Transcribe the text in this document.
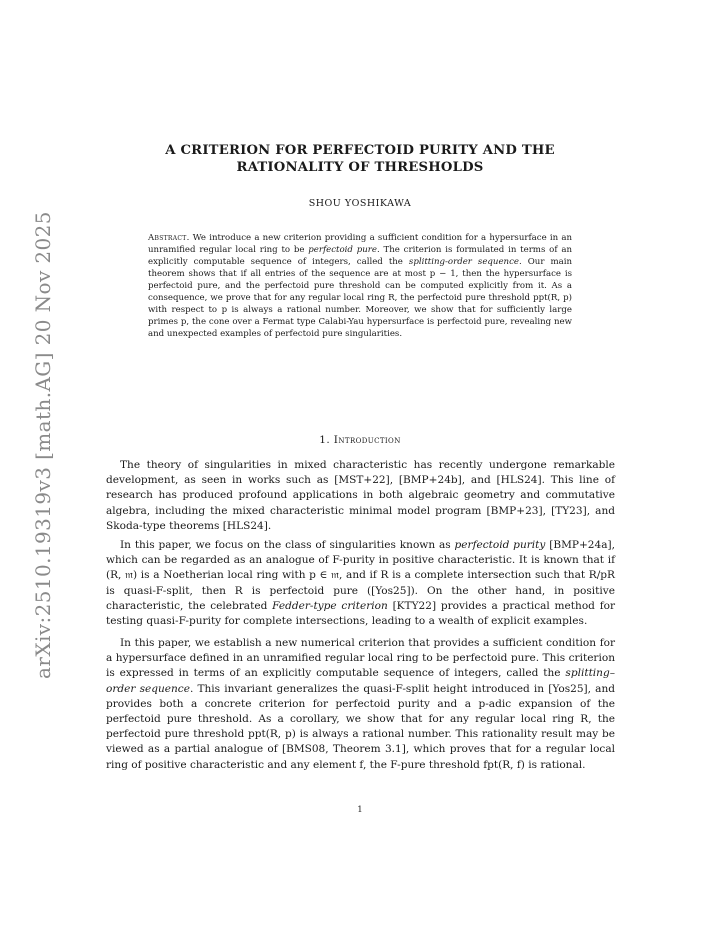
arXiv:2510.19319v3 [math.AG] 20 Nov 2025
A CRITERION FOR PERFECTOID PURITY AND THE RATIONALITY OF THRESHOLDS
SHOU YOSHIKAWA
Abstract. We introduce a new criterion providing a sufficient condition for a hypersurface in an unramified regular local ring to be perfectoid pure. The criterion is formulated in terms of an explicitly computable sequence of integers, called the splitting-order sequence. Our main theorem shows that if all entries of the sequence are at most p − 1, then the hypersurface is perfectoid pure, and the perfectoid pure threshold can be computed explicitly from it. As a consequence, we prove that for any regular local ring R, the perfectoid pure threshold ppt(R, p) with respect to p is always a rational number. Moreover, we show that for sufficiently large primes p, the cone over a Fermat type Calabi-Yau hypersurface is perfectoid pure, revealing new and unexpected examples of perfectoid pure singularities.
1. Introduction

The theory of singularities in mixed characteristic has recently undergone remarkable development, as seen in works such as [MST+22], [BMP+24b], and [HLS24]. This line of research has produced profound applications in both algebraic geometry and commutative algebra, including the mixed characteristic minimal model program [BMP+23], [TY23], and Skoda-type theorems [HLS24].

In this paper, we focus on the class of singularities known as perfectoid purity [BMP+24a], which can be regarded as an analogue of F-purity in positive characteristic. It is known that if (R, 𝔪) is a Noetherian local ring with p ∈ 𝔪, and if R is a complete intersection such that R/pR is quasi-F-split, then R is perfectoid pure ([Yos25]). On the other hand, in positive characteristic, the celebrated Fedder-type criterion [KTY22] provides a practical method for testing quasi-F-purity for complete intersections, leading to a wealth of explicit examples.

In this paper, we establish a new numerical criterion that provides a sufficient condition for a hypersurface defined in an unramified regular local ring to be perfectoid pure. This criterion is expressed in terms of an explicitly computable sequence of integers, called the splitting–order sequence. This invariant generalizes the quasi-F-split height introduced in [Yos25], and provides both a concrete criterion for perfectoid purity and a p-adic expansion of the perfectoid pure threshold. As a corollary, we show that for any regular local ring R, the perfectoid pure threshold ppt(R, p) is always a rational number. This rationality result may be viewed as a partial analogue of [BMS08, Theorem 3.1], which proves that for a regular local ring of positive characteristic and any element f, the F-pure threshold fpt(R, f) is rational.

1
